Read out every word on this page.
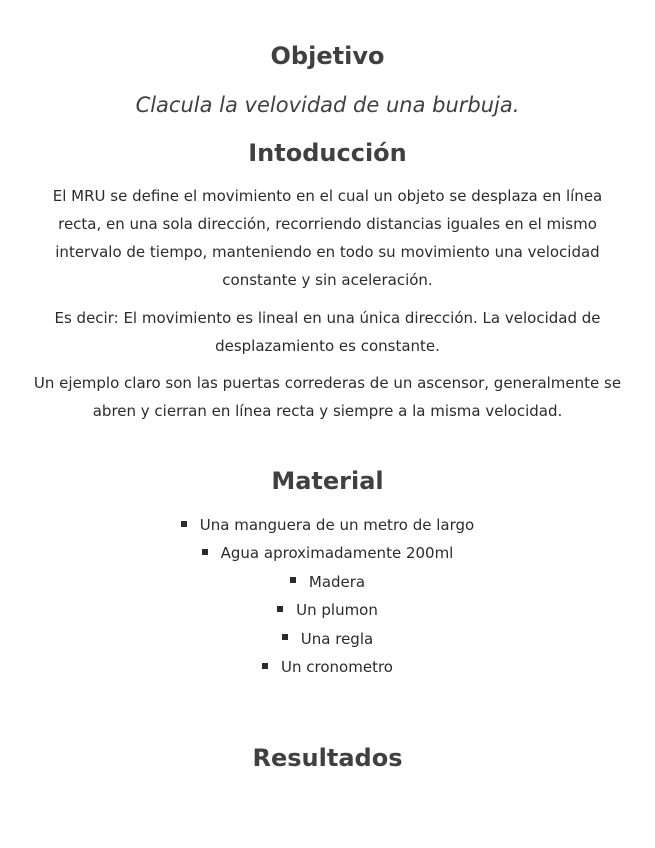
Objetivo

Clacula la velovidad de una burbuja.

Intoducción

El MRU se define el movimiento en el cual un objeto se desplaza en línea recta, en una sola dirección, recorriendo distancias iguales en el mismo intervalo de tiempo, manteniendo en todo su movimiento una velocidad constante y sin aceleración.

Es decir: El movimiento es lineal en una única dirección. La velocidad de desplazamiento es constante.

Un ejemplo claro son las puertas correderas de un ascensor, generalmente se abren y cierran en línea recta y siempre a la misma velocidad.

Material
Una manguera de un metro de largo
Agua aproximadamente 200ml
Madera
Un plumon
Una regla
Un cronometro
Resultados
